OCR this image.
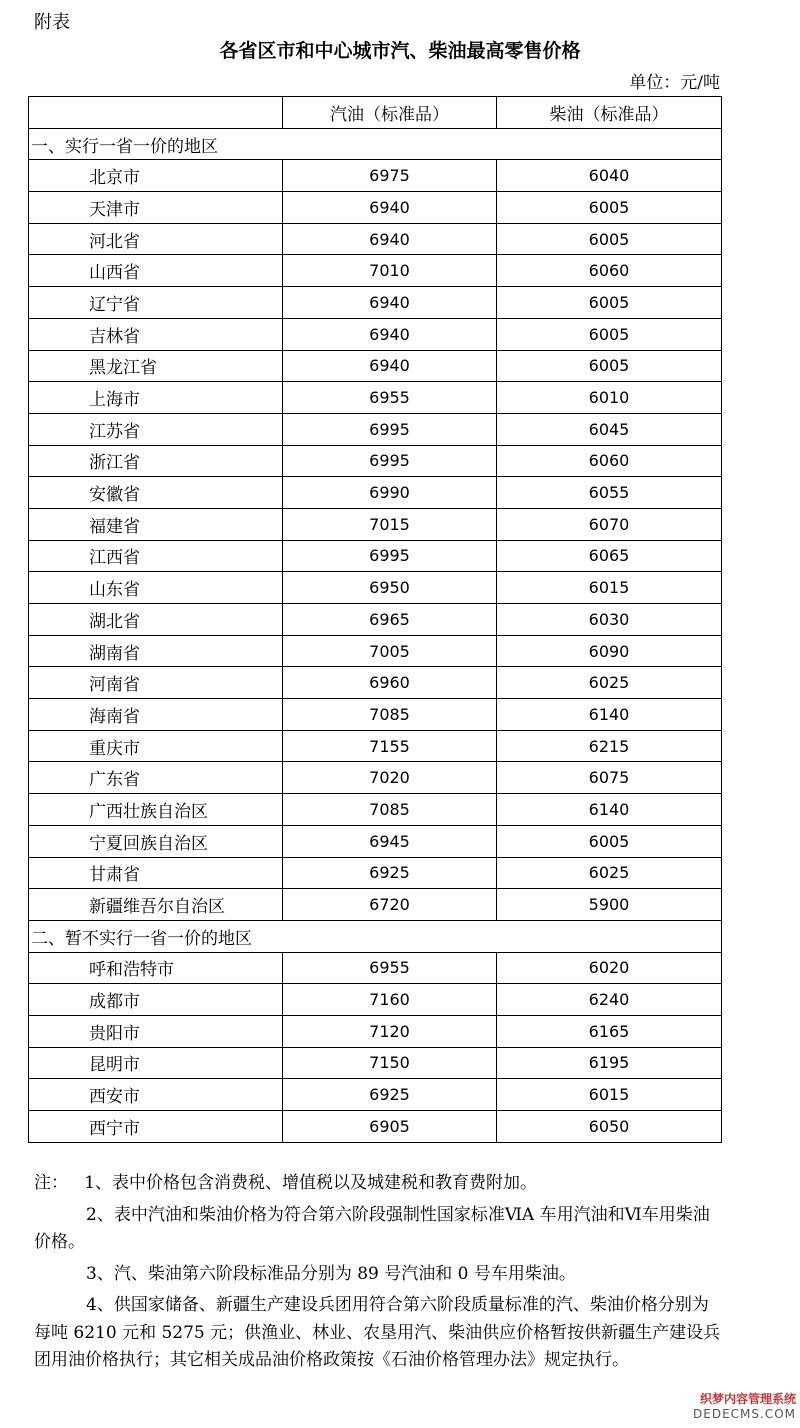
附表
各省区市和中心城市汽、柴油最高零售价格
单位：元/吨
	汽油（标准品）	柴油（标准品）
一、实行一省一价的地区		
北京市	6975	6040
天津市	6940	6005
河北省	6940	6005
山西省	7010	6060
辽宁省	6940	6005
吉林省	6940	6005
黑龙江省	6940	6005
上海市	6955	6010
江苏省	6995	6045
浙江省	6995	6060
安徽省	6990	6055
福建省	7015	6070
江西省	6995	6065
山东省	6950	6015
湖北省	6965	6030
湖南省	7005	6090
河南省	6960	6025
海南省	7085	6140
重庆市	7155	6215
广东省	7020	6075
广西壮族自治区	7085	6140
宁夏回族自治区	6945	6005
甘肃省	6925	6025
新疆维吾尔自治区	6720	5900
二、暂不实行一省一价的地区		
呼和浩特市	6955	6020
成都市	7160	6240
贵阳市	7120	6165
昆明市	7150	6195
西安市	6925	6015
西宁市	6905	6050

注： 1、表中价格包含消费税、增值税以及城建税和教育费附加。

2、表中汽油和柴油价格为符合第六阶段强制性国家标准ⅥA 车用汽油和Ⅵ车用柴油价格。

3、汽、柴油第六阶段标准品分别为 89 号汽油和 0 号车用柴油。

4、供国家储备、新疆生产建设兵团用符合第六阶段质量标准的汽、柴油价格分别为每吨 6210 元和 5275 元；供渔业、林业、农垦用汽、柴油供应价格暂按供新疆生产建设兵团用油价格执行；其它相关成品油价格政策按《石油价格管理办法》规定执行。

织梦内容管理系统
DEDECMS.COM
